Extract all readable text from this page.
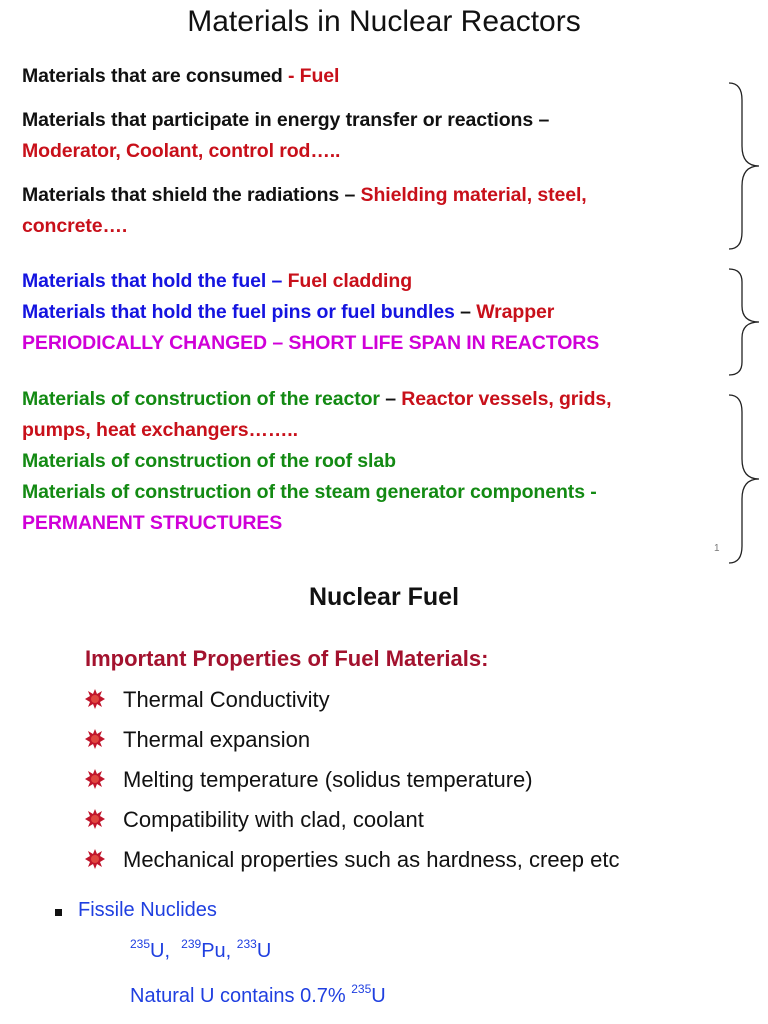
Materials in Nuclear Reactors
Materials that are consumed - Fuel
Materials that participate in energy transfer or reactions –
Moderator, Coolant, control rod…..
Materials that shield the radiations – Shielding material, steel,
concrete….
Materials that hold the fuel – Fuel cladding
Materials that hold the fuel pins or fuel bundles – Wrapper
PERIODICALLY CHANGED – SHORT LIFE SPAN IN REACTORS
Materials of construction of the reactor – Reactor vessels, grids,
pumps, heat exchangers……..
Materials of construction of the roof slab
Materials of construction of the steam generator components -
PERMANENT STRUCTURES
1
Nuclear Fuel
Important Properties of Fuel Materials:
Thermal Conductivity
Thermal expansion
Melting temperature (solidus temperature)
Compatibility with clad, coolant
Mechanical properties such as hardness, creep etc
Fissile Nuclides
$^{235}$U,  $^{239}$Pu, $^{233}$U
Natural U contains 0.7% $^{235}$U
